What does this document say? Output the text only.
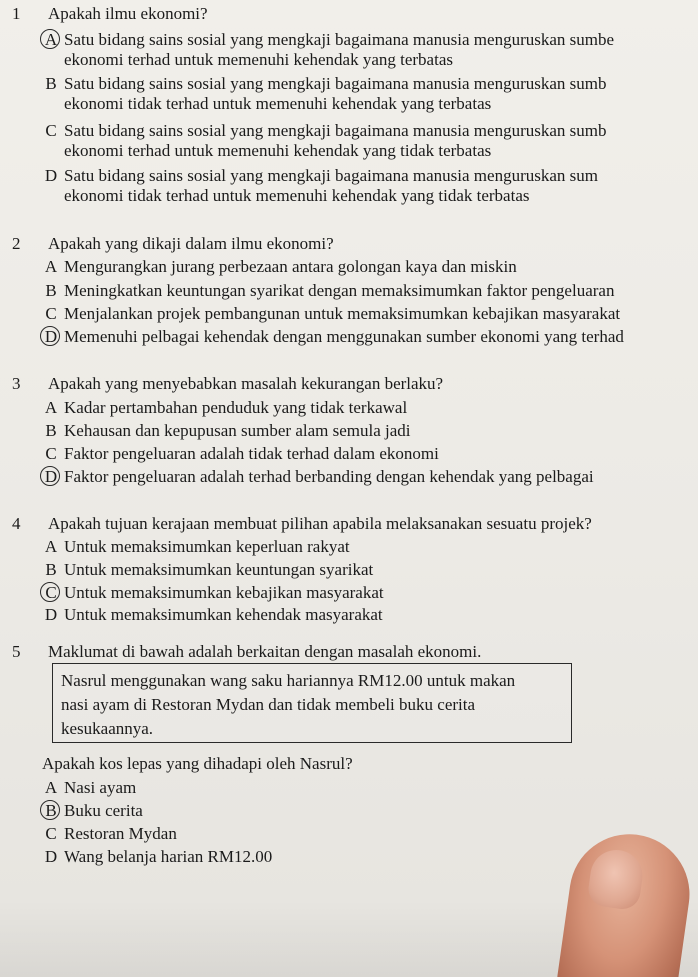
1 Apakah ilmu ekonomi?
A Satu bidang sains sosial yang mengkaji bagaimana manusia menguruskan sumbe
ekonomi terhad untuk memenuhi kehendak yang terbatas
B Satu bidang sains sosial yang mengkaji bagaimana manusia menguruskan sumb
ekonomi tidak terhad untuk memenuhi kehendak yang terbatas
C Satu bidang sains sosial yang mengkaji bagaimana manusia menguruskan sumb
ekonomi terhad untuk memenuhi kehendak yang tidak terbatas
D Satu bidang sains sosial yang mengkaji bagaimana manusia menguruskan sum
ekonomi tidak terhad untuk memenuhi kehendak yang tidak terbatas
2 Apakah yang dikaji dalam ilmu ekonomi?
A Mengurangkan jurang perbezaan antara golongan kaya dan miskin
B Meningkatkan keuntungan syarikat dengan memaksimumkan faktor pengeluaran
C Menjalankan projek pembangunan untuk memaksimumkan kebajikan masyarakat
D Memenuhi pelbagai kehendak dengan menggunakan sumber ekonomi yang terhad
3 Apakah yang menyebabkan masalah kekurangan berlaku?
A Kadar pertambahan penduduk yang tidak terkawal
B Kehausan dan kepupusan sumber alam semula jadi
C Faktor pengeluaran adalah tidak terhad dalam ekonomi
D Faktor pengeluaran adalah terhad berbanding dengan kehendak yang pelbagai
4 Apakah tujuan kerajaan membuat pilihan apabila melaksanakan sesuatu projek?
A Untuk memaksimumkan keperluan rakyat
B Untuk memaksimumkan keuntungan syarikat
C Untuk memaksimumkan kebajikan masyarakat
D Untuk memaksimumkan kehendak masyarakat
5 Maklumat di bawah adalah berkaitan dengan masalah ekonomi.
Nasrul menggunakan wang saku hariannya RM12.00 untuk makan
nasi ayam di Restoran Mydan dan tidak membeli buku cerita
kesukaannya.
Apakah kos lepas yang dihadapi oleh Nasrul?
A Nasi ayam
B Buku cerita
C Restoran Mydan
D Wang belanja harian RM12.00
